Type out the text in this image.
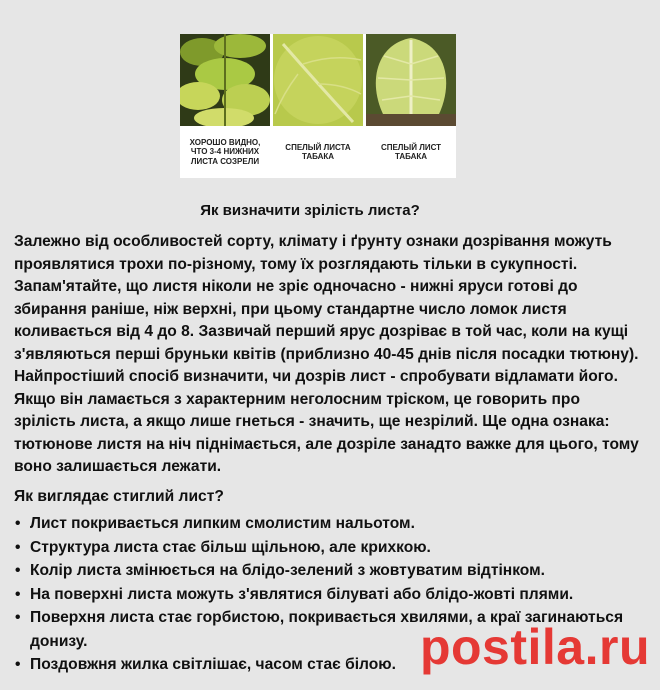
ХОРОШО ВИДНО,
ЧТО 3-4 НИЖНИХ
ЛИСТА СОЗРЕЛИ
СПЕЛЫЙ ЛИСТА
ТАБАКА
СПЕЛЫЙ ЛИСТ
ТАБАКА
Як визначити зрілість листа?

Залежно від особливостей сорту, клімату і ґрунту ознаки дозрівання можуть проявлятися трохи по-різному, тому їх розглядають тільки в сукупності. Запам'ятайте, що листя ніколи не зріє одночасно - нижні яруси готові до збирання раніше, ніж верхні, при цьому стандартне число ломок листя коливається від 4 до 8. Зазвичай перший ярус дозріває в той час, коли на кущі з'являються перші бруньки квітів (приблизно 40-45 днів після посадки тютюну). Найпростіший спосіб визначити, чи дозрів лист - спробувати відламати його. Якщо він ламається з характерним неголосним тріском, це говорить про зрілість листа, а якщо лише гнеться - значить, ще незрілий. Ще одна ознака: тютюнове листя на ніч піднімається, але дозріле занадто важке для цього, тому воно залишається лежати.

Як виглядає стиглий лист?

• Лист покривається липким смолистим нальотом.
• Структура листа стає більш щільною, але крихкою.
• Колір листа змінюється на блідо-зелений з жовтуватим відтінком.
• На поверхні листа можуть з'являтися білуваті або блідо-жовті плями.
• Поверхня листа стає горбистою, покривається хвилями, а краї загинаються донизу.
• Поздовжня жилка світлішає, часом стає білою. postila.ru
